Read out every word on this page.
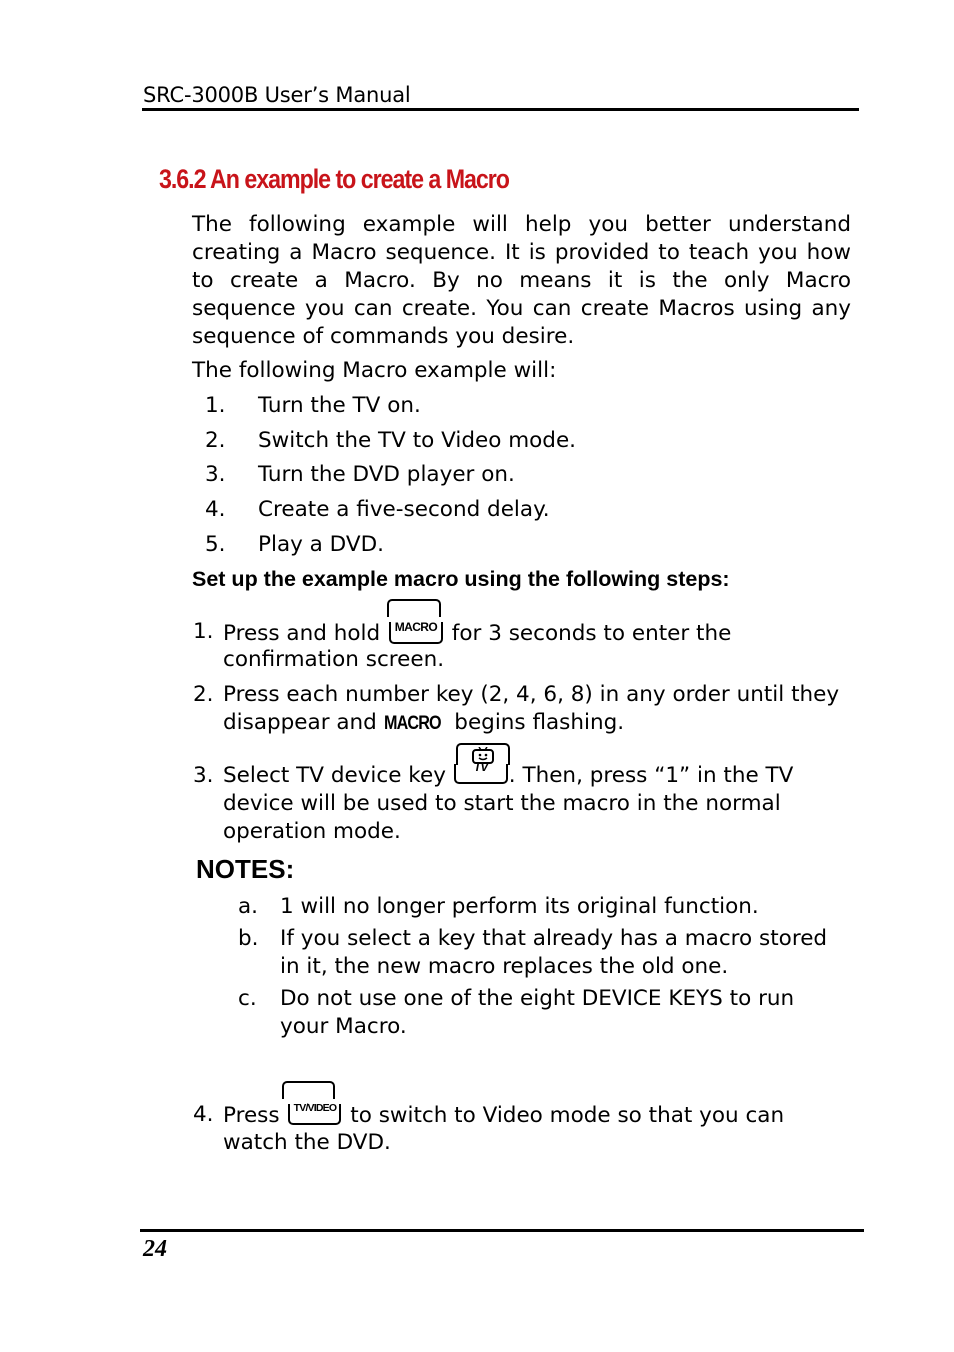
SRC-3000B User’s Manual
3.6.2 An example to create a Macro
The following example will help you better understand creating a Macro sequence. It is provided to teach you how to create a Macro. By no means it is the only Macro sequence you can create. You can create Macros using any sequence of commands you desire.
The following Macro example will:
1. Turn the TV on.
2. Switch the TV to Video mode.
3. Turn the DVD player on.
4. Create a five-second delay.
5. Play a DVD.
Set up the example macro using the following steps:
1. Press and hold	MACRO for 3 seconds to enter the
confirmation screen.
2. Press each number key (2, 4, 6, 8) in any order until they
disappear and MACRO begins flashing.
3. Select TV device key	TV . Then, press “1” in the TV
device will be used to start the macro in the normal
operation mode.
NOTES:
a. 1 will no longer perform its original function.
b. If you select a key that already has a macro stored
in it, the new macro replaces the old one.
c. Do not use one of the eight DEVICE KEYS to run
your Macro.
4. Press	TV/VIDEO to switch to Video mode so that you can
watch the DVD.
24
